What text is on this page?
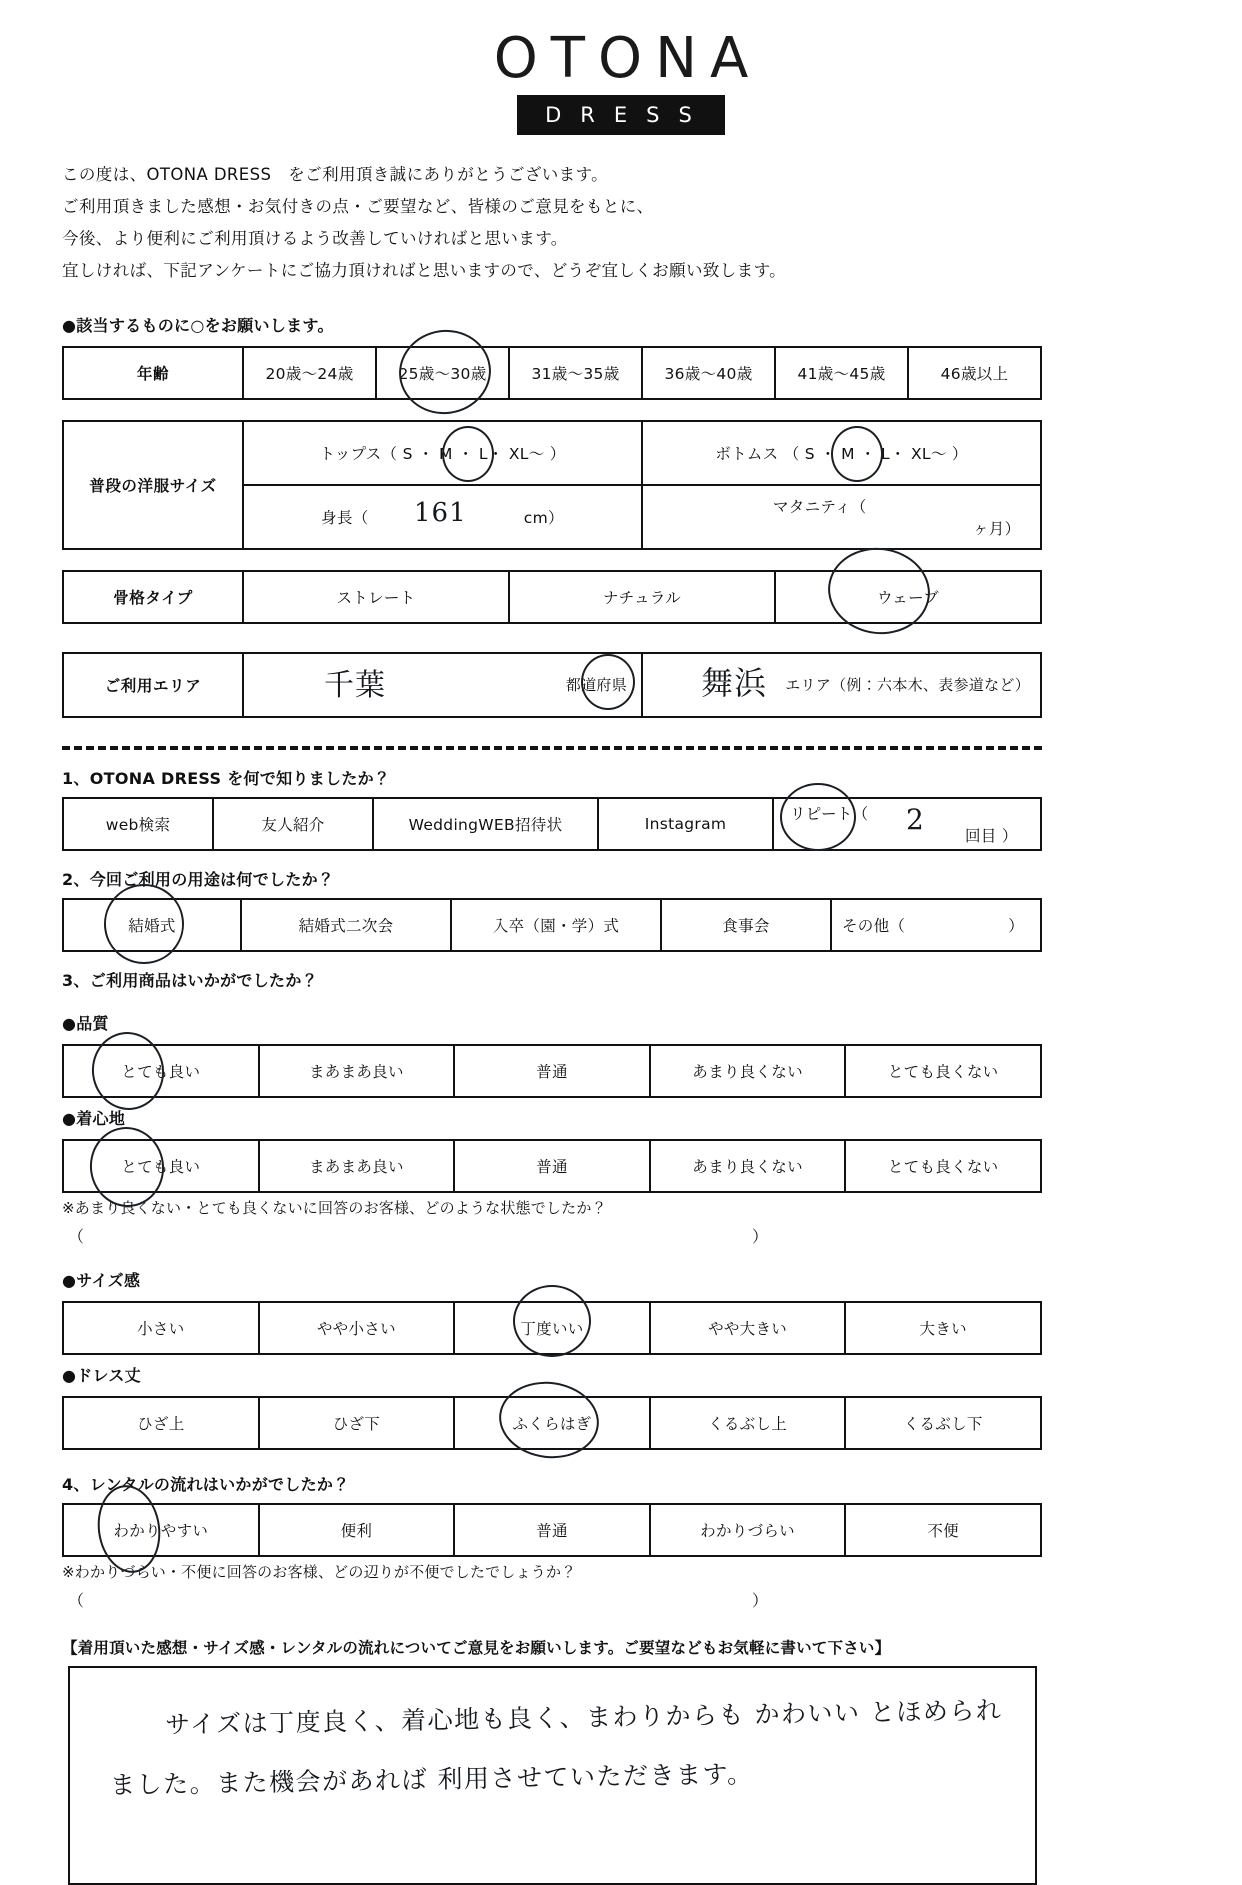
OTONA
DRESS
この度は、OTONA DRESS　をご利用頂き誠にありがとうございます。
ご利用頂きました感想・お気付きの点・ご要望など、皆様のご意見をもとに、
今後、より便利にご利用頂けるよう改善していければと思います。
宜しければ、下記アンケートにご協力頂ければと思いますので、どうぞ宜しくお願い致します。
●該当するものに○をお願いします。
年齢	20歳～24歳	25歳～30歳	31歳～35歳	36歳～40歳	41歳～45歳	46歳以上
普段の洋服サイズ	トップス（ S ・ M ・ L・ XL～ ）	ボトムス （ S ・ M ・ L・ XL～ ）

	身長（ 161 cm）	マタニティ（ ヶ月）
骨格タイプ	ストレート	ナチュラル	ウェーブ
ご利用エリア	千葉	都道府県	舞浜 エリア（例：六本木、表参道など）
1、OTONA DRESS を何で知りましたか？
web検索	友人紹介	WeddingWEB招待状	Instagram	リピート（ 2	回目 ）
2、今回ご利用の用途は何でしたか？
結婚式	結婚式二次会	入卒（園・学）式	食事会	その他（	）
3、ご利用商品はいかがでしたか？
●品質
とても良い	まあまあ良い	普通	あまり良くない	とても良くない
●着心地
とても良い	まあまあ良い	普通	あまり良くない	とても良くない
※あまり良くない・とても良くないに回答のお客様、どのような状態でしたか？
（	）
●サイズ感
小さい	やや小さい	丁度いい	やや大きい	大きい
●ドレス丈
ひざ上	ひざ下	ふくらはぎ	くるぶし上	くるぶし下
4、レンタルの流れはいかがでしたか？
わかりやすい	便利	普通	わかりづらい	不便
※わかりづらい・不便に回答のお客様、どの辺りが不便でしたでしょうか？
（	）
【着用頂いた感想・サイズ感・レンタルの流れについてご意見をお願いします。ご要望などもお気軽に書いて下さい】
サイズは丁度良く、着心地も良く、まわりからも かわいい とほめられ
ました。また機会があれば 利用させていただきます。
